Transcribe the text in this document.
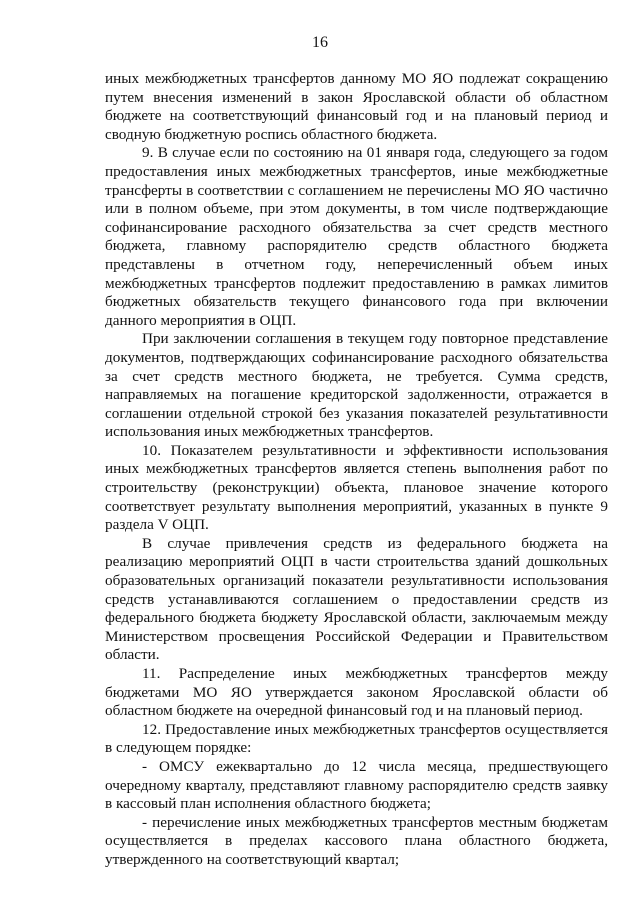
16

иных межбюджетных трансфертов данному МО ЯО подлежат сокращению путем внесения изменений в закон Ярославской области об областном бюджете на соответствующий финансовый год и на плановый период и сводную бюджетную роспись областного бюджета.

9. В случае если по состоянию на 01 января года, следующего за годом предоставления иных межбюджетных трансфертов, иные межбюджетные трансферты в соответствии с соглашением не перечислены МО ЯО частично или в полном объеме, при этом документы, в том числе подтверждающие софинансирование расходного обязательства за счет средств местного бюджета, главному распорядителю средств областного бюджета представлены в отчетном году, неперечисленный объем иных межбюджетных трансфертов подлежит предоставлению в рамках лимитов бюджетных обязательств текущего финансового года при включении данного мероприятия в ОЦП.

При заключении соглашения в текущем году повторное представление документов, подтверждающих софинансирование расходного обязательства за счет средств местного бюджета, не требуется. Сумма средств, направляемых на погашение кредиторской задолженности, отражается в соглашении отдельной строкой без указания показателей результативности использования иных межбюджетных трансфертов.

10. Показателем результативности и эффективности использования иных межбюджетных трансфертов является степень выполнения работ по строительству (реконструкции) объекта, плановое значение которого соответствует результату выполнения мероприятий, указанных в пункте 9 раздела V ОЦП.

В случае привлечения средств из федерального бюджета на реализацию мероприятий ОЦП в части строительства зданий дошкольных образовательных организаций показатели результативности использования средств устанавливаются соглашением о предоставлении средств из федерального бюджета бюджету Ярославской области, заключаемым между Министерством просвещения Российской Федерации и Правительством области.

11. Распределение иных межбюджетных трансфертов между бюджетами МО ЯО утверждается законом Ярославской области об областном бюджете на очередной финансовый год и на плановый период.

12. Предоставление иных межбюджетных трансфертов осуществляется в следующем порядке:

- ОМСУ ежеквартально до 12 числа месяца, предшествующего очередному кварталу, представляют главному распорядителю средств заявку в кассовый план исполнения областного бюджета;

- перечисление иных межбюджетных трансфертов местным бюджетам осуществляется в пределах кассового плана областного бюджета, утвержденного на соответствующий квартал;
